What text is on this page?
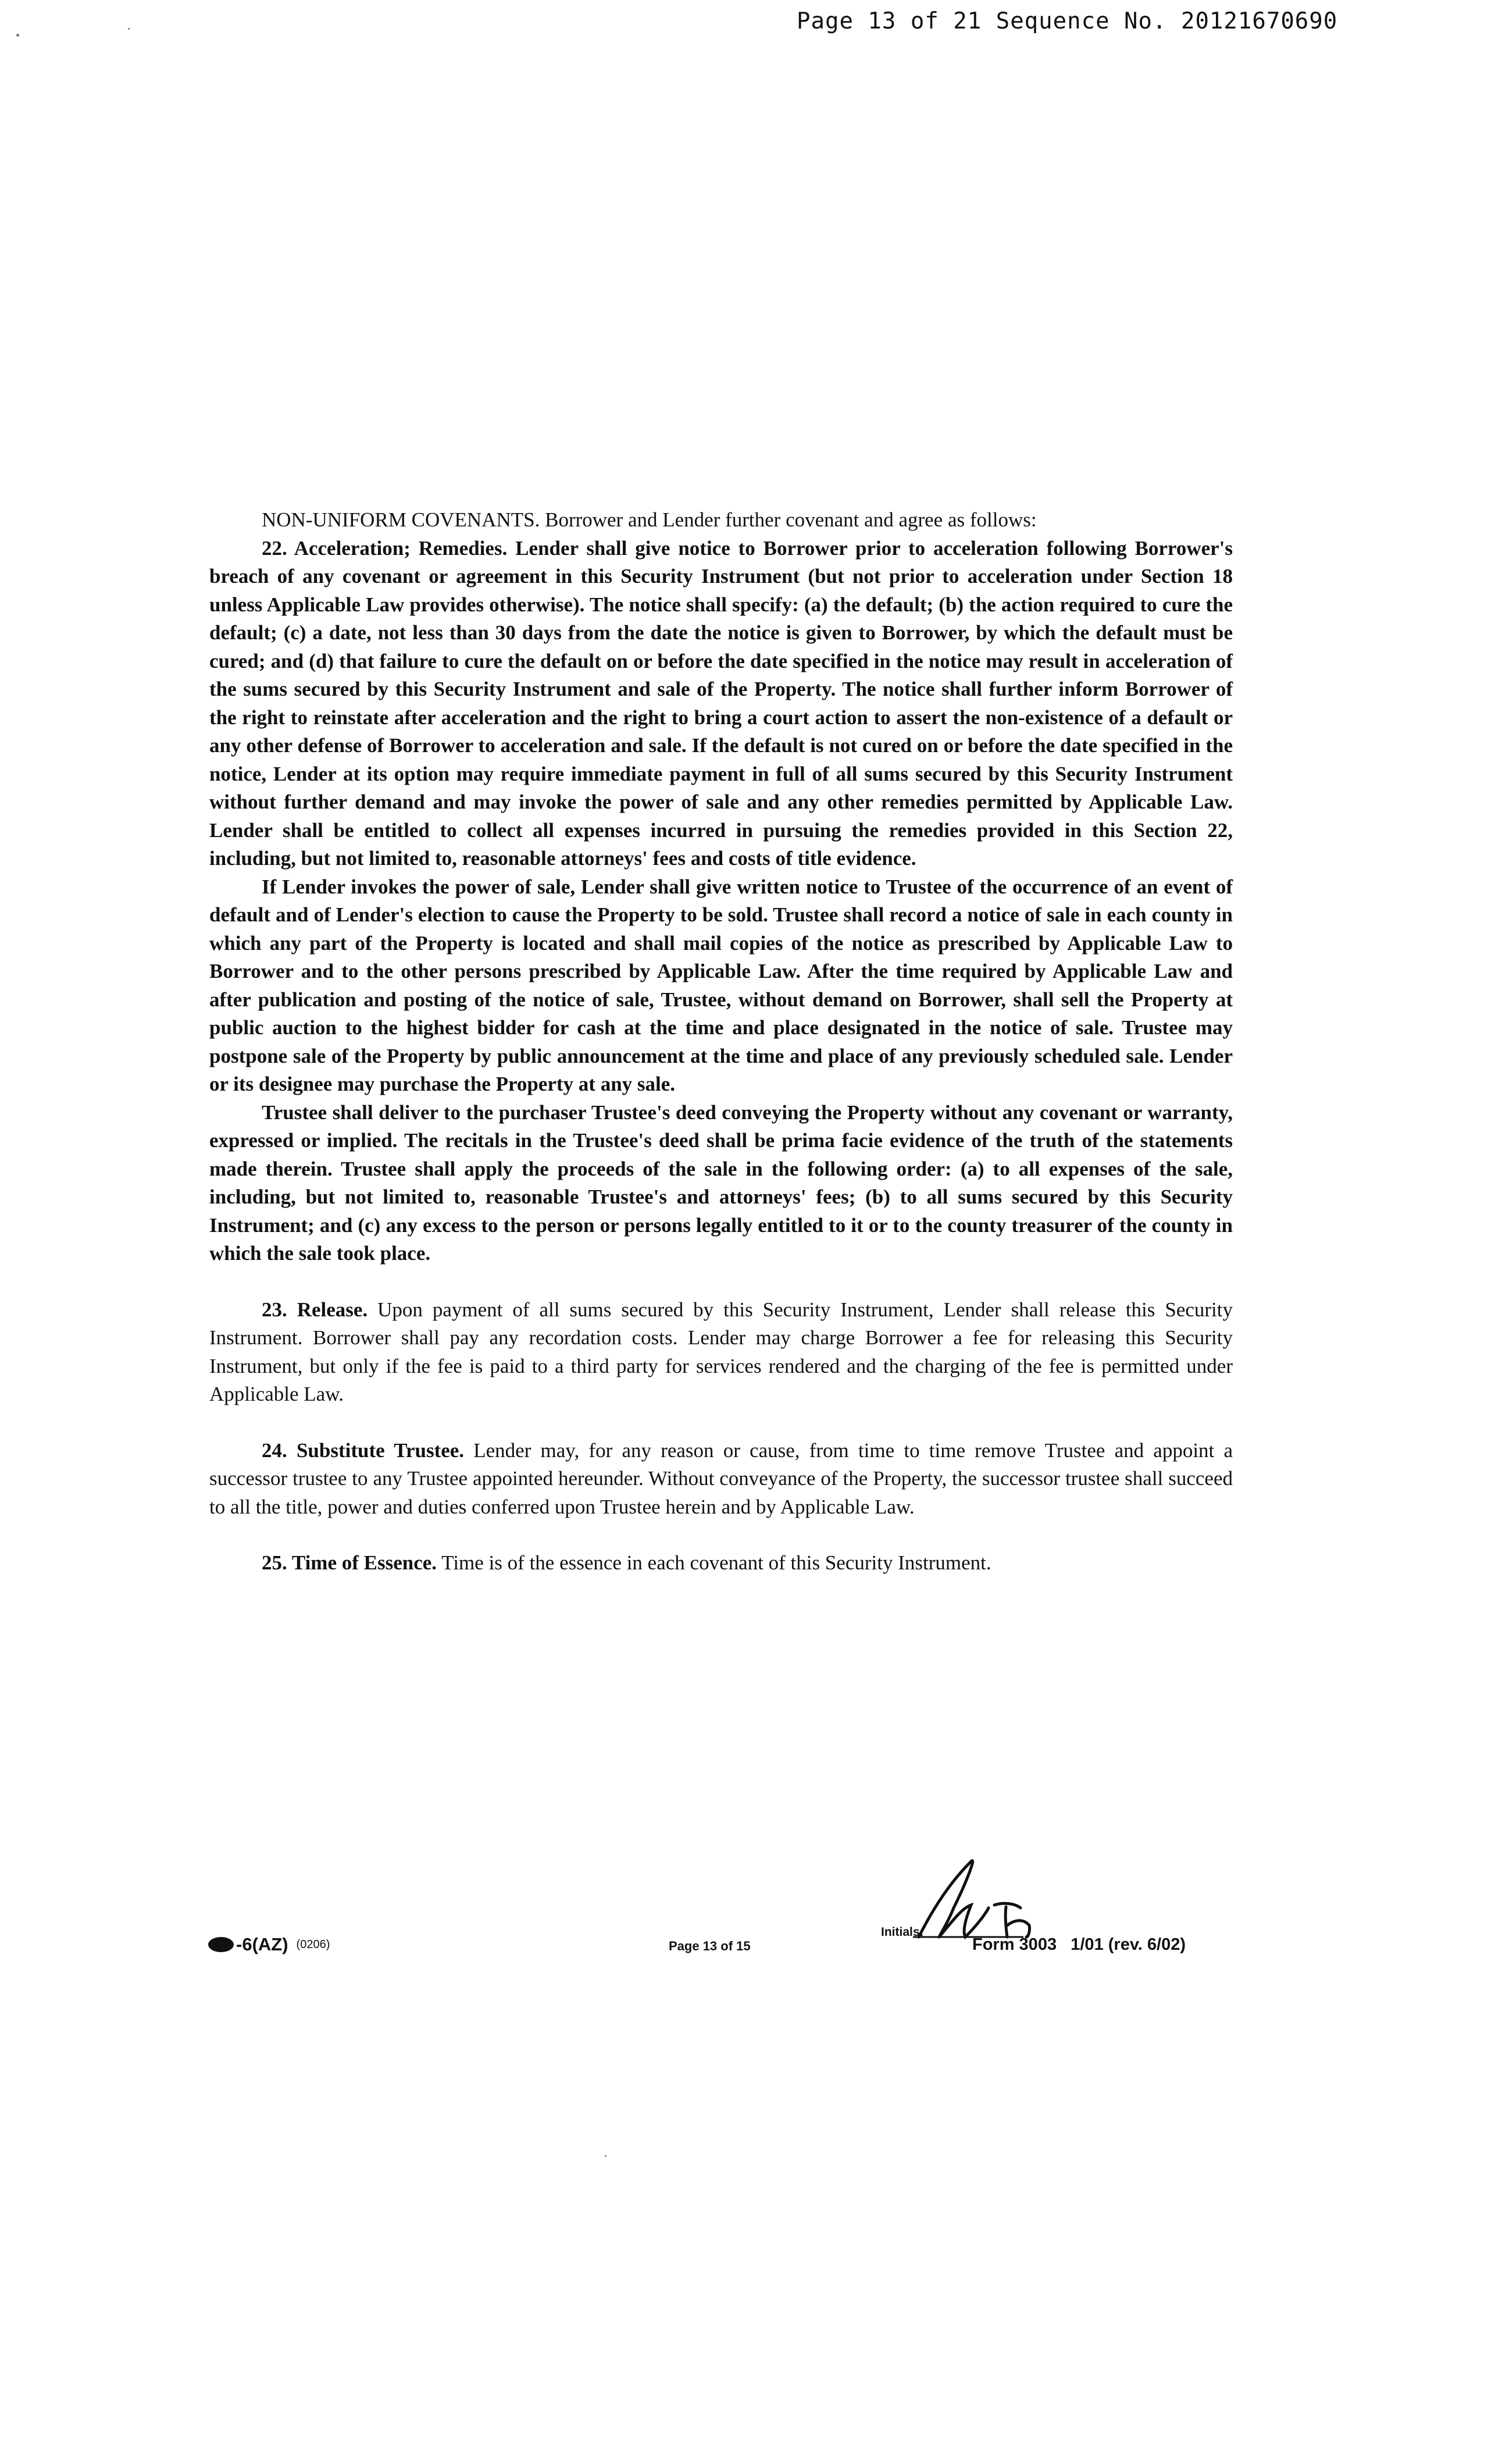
Page 13 of 21 Sequence No. 20121670690

NON-UNIFORM COVENANTS. Borrower and Lender further covenant and agree as follows:

22. Acceleration; Remedies. Lender shall give notice to Borrower prior to acceleration following Borrower's breach of any covenant or agreement in this Security Instrument (but not prior to acceleration under Section 18 unless Applicable Law provides otherwise). The notice shall specify: (a) the default; (b) the action required to cure the default; (c) a date, not less than 30 days from the date the notice is given to Borrower, by which the default must be cured; and (d) that failure to cure the default on or before the date specified in the notice may result in acceleration of the sums secured by this Security Instrument and sale of the Property. The notice shall further inform Borrower of the right to reinstate after acceleration and the right to bring a court action to assert the non-existence of a default or any other defense of Borrower to acceleration and sale. If the default is not cured on or before the date specified in the notice, Lender at its option may require immediate payment in full of all sums secured by this Security Instrument without further demand and may invoke the power of sale and any other remedies permitted by Applicable Law. Lender shall be entitled to collect all expenses incurred in pursuing the remedies provided in this Section 22, including, but not limited to, reasonable attorneys' fees and costs of title evidence.

If Lender invokes the power of sale, Lender shall give written notice to Trustee of the occurrence of an event of default and of Lender's election to cause the Property to be sold. Trustee shall record a notice of sale in each county in which any part of the Property is located and shall mail copies of the notice as prescribed by Applicable Law to Borrower and to the other persons prescribed by Applicable Law. After the time required by Applicable Law and after publication and posting of the notice of sale, Trustee, without demand on Borrower, shall sell the Property at public auction to the highest bidder for cash at the time and place designated in the notice of sale. Trustee may postpone sale of the Property by public announcement at the time and place of any previously scheduled sale. Lender or its designee may purchase the Property at any sale.

Trustee shall deliver to the purchaser Trustee's deed conveying the Property without any covenant or warranty, expressed or implied. The recitals in the Trustee's deed shall be prima facie evidence of the truth of the statements made therein. Trustee shall apply the proceeds of the sale in the following order: (a) to all expenses of the sale, including, but not limited to, reasonable Trustee's and attorneys' fees; (b) to all sums secured by this Security Instrument; and (c) any excess to the person or persons legally entitled to it or to the county treasurer of the county in which the sale took place.

23. Release. Upon payment of all sums secured by this Security Instrument, Lender shall release this Security Instrument. Borrower shall pay any recordation costs. Lender may charge Borrower a fee for releasing this Security Instrument, but only if the fee is paid to a third party for services rendered and the charging of the fee is permitted under Applicable Law.

24. Substitute Trustee. Lender may, for any reason or cause, from time to time remove Trustee and appoint a successor trustee to any Trustee appointed hereunder. Without conveyance of the Property, the successor trustee shall succeed to all the title, power and duties conferred upon Trustee herein and by Applicable Law.

25. Time of Essence. Time is of the essence in each covenant of this Security Instrument.

-6(AZ) (0206)	Page 13 of 15
Initials:
Form 3003 1/01 (rev. 6/02)
